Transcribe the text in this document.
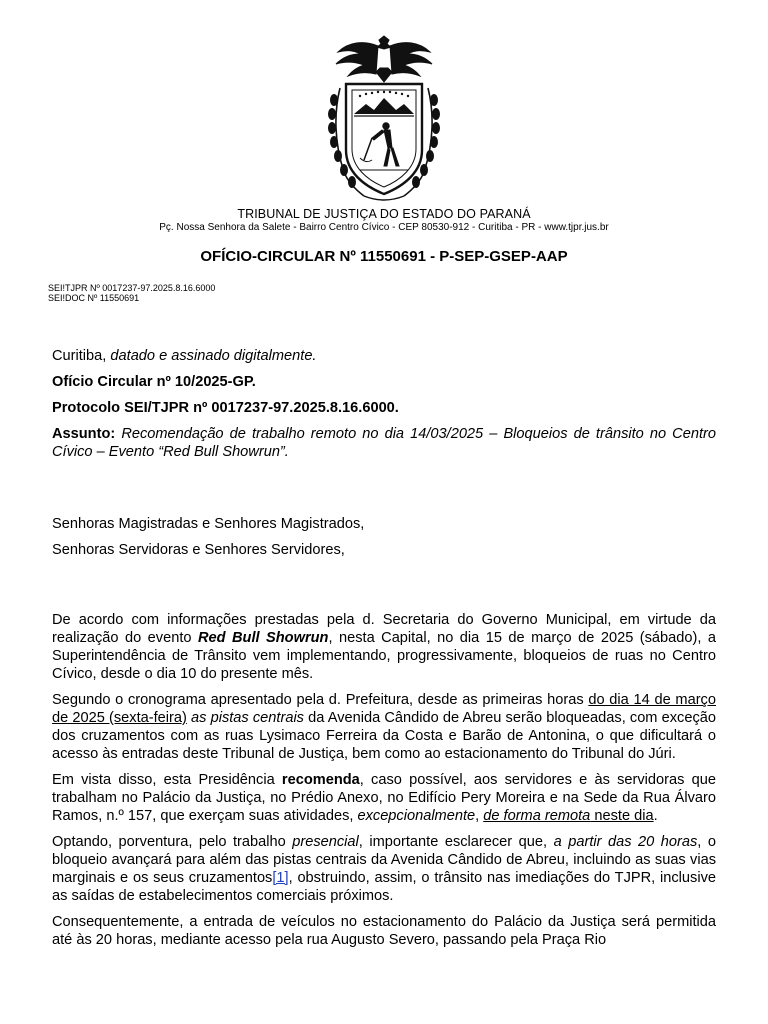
TRIBUNAL DE JUSTIÇA DO ESTADO DO PARANÁ
Pç. Nossa Senhora da Salete - Bairro Centro Cívico - CEP 80530-912 - Curitiba - PR - www.tjpr.jus.br
OFÍCIO-CIRCULAR Nº 11550691 - P-SEP-GSEP-AAP
SEI!TJPR Nº 0017237-97.2025.8.16.6000
SEI!DOC Nº 11550691

Curitiba, datado e assinado digitalmente.

Ofício Circular nº 10/2025-GP.

Protocolo SEI/TJPR nº 0017237-97.2025.8.16.6000.

Assunto: Recomendação de trabalho remoto no dia 14/03/2025 – Bloqueios de trânsito no Centro Cívico – Evento “Red Bull Showrun”.

Senhoras Magistradas e Senhores Magistrados,

Senhoras Servidoras e Senhores Servidores,

De acordo com informações prestadas pela d. Secretaria do Governo Municipal, em virtude da realização do evento Red Bull Showrun, nesta Capital, no dia 15 de março de 2025 (sábado), a Superintendência de Trânsito vem implementando, progressivamente, bloqueios de ruas no Centro Cívico, desde o dia 10 do presente mês.

Segundo o cronograma apresentado pela d. Prefeitura, desde as primeiras horas do dia 14 de março de 2025 (sexta-feira) as pistas centrais da Avenida Cândido de Abreu serão bloqueadas, com exceção dos cruzamentos com as ruas Lysimaco Ferreira da Costa e Barão de Antonina, o que dificultará o acesso às entradas deste Tribunal de Justiça, bem como ao estacionamento do Tribunal do Júri.

Em vista disso, esta Presidência recomenda, caso possível, aos servidores e às servidoras que trabalham no Palácio da Justiça, no Prédio Anexo, no Edifício Pery Moreira e na Sede da Rua Álvaro Ramos, n.º 157, que exerçam suas atividades, excepcionalmente, de forma remota neste dia.

Optando, porventura, pelo trabalho presencial, importante esclarecer que, a partir das 20 horas, o bloqueio avançará para além das pistas centrais da Avenida Cândido de Abreu, incluindo as suas vias marginais e os seus cruzamentos[1], obstruindo, assim, o trânsito nas imediações do TJPR, inclusive as saídas de estabelecimentos comerciais próximos.

Consequentemente, a entrada de veículos no estacionamento do Palácio da Justiça será permitida até às 20 horas, mediante acesso pela rua Augusto Severo, passando pela Praça Rio
